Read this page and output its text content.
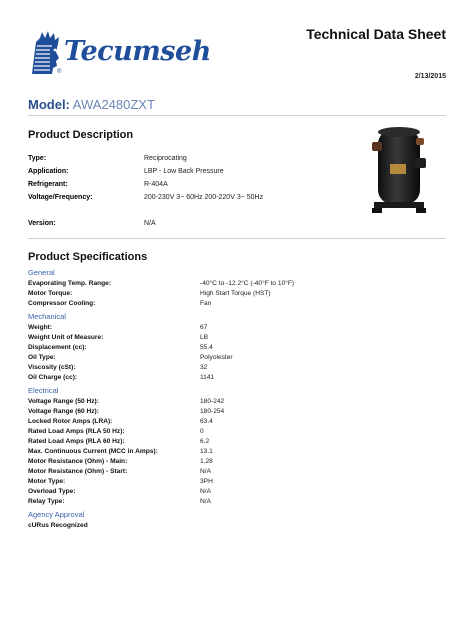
Tecumseh
®
Technical Data Sheet
2/13/2015
Model: AWA2480ZXT
Product Description
Type:	Reciprocating
Application:	LBP - Low Back Pressure
Refrigerant:	R-404A
Voltage/Frequency:	200-230V 3~ 60Hz 200-220V 3~ 50Hz
Version:	N/A
Product Specifications
General
Evaporating Temp. Range:	-40°C to -12.2°C (-40°F to 10°F)
Motor Torque:	High Start Torque (HST)
Compressor Cooling:	Fan
Mechanical
Weight:	67
Weight Unit of Measure:	LB
Displacement (cc):	55.4
Oil Type:	Polyolester
Viscosity (cSt):	32
Oil Charge (cc):	1141
Electrical
Voltage Range (50 Hz):	180-242
Voltage Range (60 Hz):	180-254
Locked Rotor Amps (LRA):	63.4
Rated Load Amps (RLA 50 Hz):	0
Rated Load Amps (RLA 60 Hz):	6.2
Max. Continuous Current (MCC in Amps):	13.1
Motor Resistance (Ohm) - Main:	1.28
Motor Resistance (Ohm) - Start:	N/A
Motor Type:	3PH
Overload Type:	N/A
Relay Type:	N/A
Agency Approval
cURus Recognized
